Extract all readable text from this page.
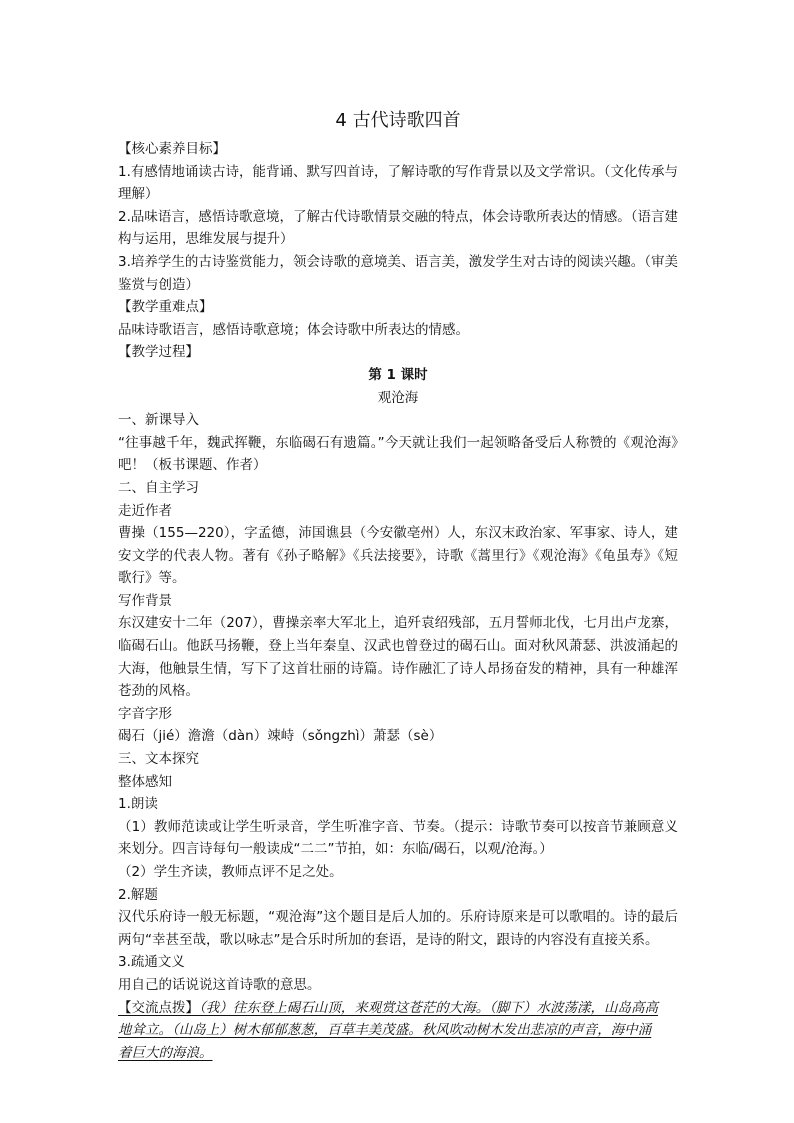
4 古代诗歌四首

【核心素养目标】

1.有感情地诵读古诗，能背诵、默写四首诗，了解诗歌的写作背景以及文学常识。（文化传承与理解）

2.品味语言，感悟诗歌意境，了解古代诗歌情景交融的特点，体会诗歌所表达的情感。（语言建构与运用，思维发展与提升）

3.培养学生的古诗鉴赏能力，领会诗歌的意境美、语言美，激发学生对古诗的阅读兴趣。（审美鉴赏与创造）

【教学重难点】

品味诗歌语言，感悟诗歌意境；体会诗歌中所表达的情感。

【教学过程】

第 1 课时

观沧海

一、新课导入

“往事越千年，魏武挥鞭，东临碣石有遗篇。”今天就让我们一起领略备受后人称赞的《观沧海》吧！（板书课题、作者）

二、自主学习

走近作者

曹操（155—220），字孟德，沛国谯县（今安徽亳州）人，东汉末政治家、军事家、诗人，建安文学的代表人物。著有《孙子略解》《兵法接要》，诗歌《蒿里行》《观沧海》《龟虽寿》《短歌行》等。

写作背景

东汉建安十二年（207），曹操亲率大军北上，追歼袁绍残部，五月誓师北伐，七月出卢龙寨，临碣石山。他跃马扬鞭，登上当年秦皇、汉武也曾登过的碣石山。面对秋风萧瑟、洪波涌起的大海，他触景生情，写下了这首壮丽的诗篇。诗作融汇了诗人昂扬奋发的精神，具有一种雄浑苍劲的风格。

字音字形

碣石（jié）澹澹（dàn）竦峙（sǒngzhì）萧瑟（sè）

三、文本探究

整体感知

1.朗读

（1）教师范读或让学生听录音，学生听准字音、节奏。（提示：诗歌节奏可以按音节兼顾意义来划分。四言诗每句一般读成“二二”节拍，如：东临/碣石，以观/沧海。）

（2）学生齐读，教师点评不足之处。

2.解题

汉代乐府诗一般无标题，“观沧海”这个题目是后人加的。乐府诗原来是可以歌唱的。诗的最后两句“幸甚至哉，歌以咏志”是合乐时所加的套语，是诗的附文，跟诗的内容没有直接关系。

3.疏通文义

用自己的话说说这首诗歌的意思。

【交流点拨】（我）往东登上碣石山顶，来观赏这苍茫的大海。（脚下）水波荡漾，山岛高高
地耸立。（山岛上）树木郁郁葱葱，百草丰美茂盛。秋风吹动树木发出悲凉的声音，海中涌
着巨大的海浪。
